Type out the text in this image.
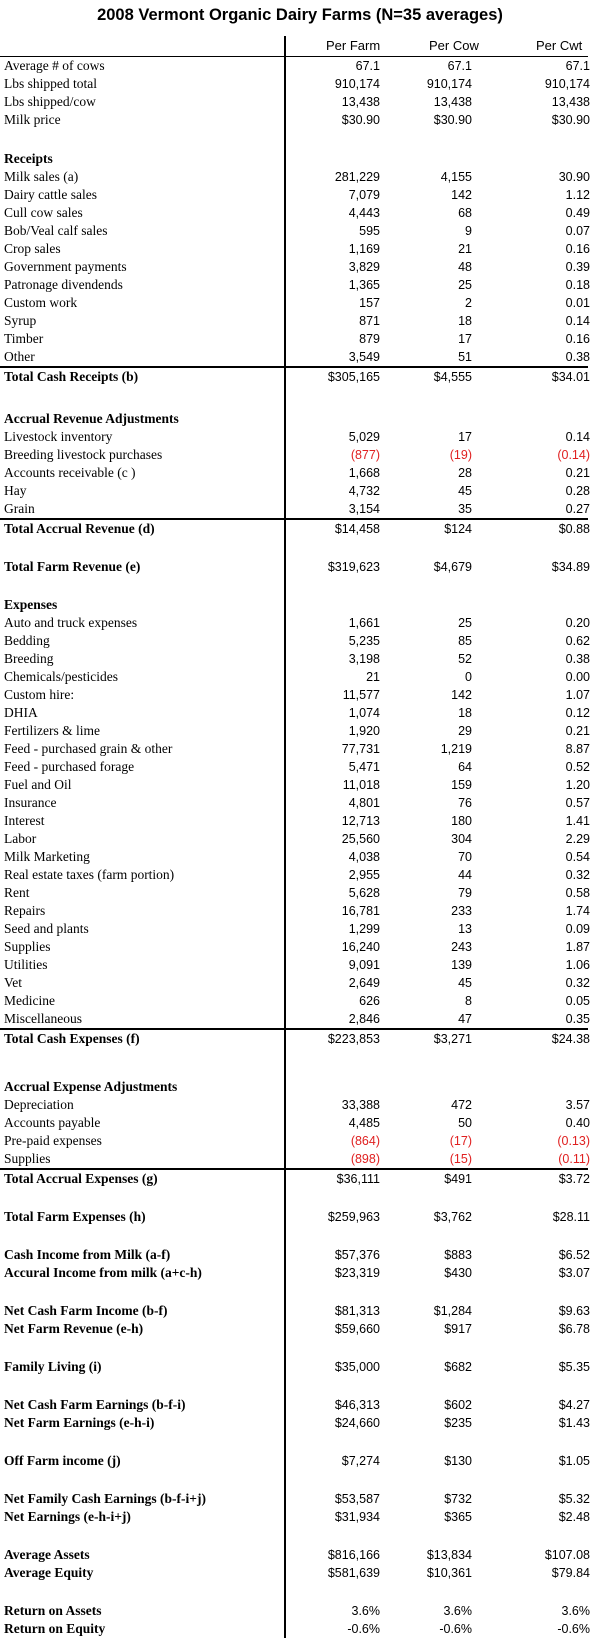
2008 Vermont Organic Dairy Farms (N=35 averages)
Per Farm	Per Cow	Per Cwt
Average # of cows	67.1	67.1	67.1
Lbs shipped total	910,174	910,174	910,174
Lbs shipped/cow	13,438	13,438	13,438
Milk price	$30.90	$30.90	$30.90
Receipts
Milk sales (a)	281,229	4,155	30.90
Dairy cattle sales	7,079	142	1.12
Cull cow sales	4,443	68	0.49
Bob/Veal calf sales	595	9	0.07
Crop sales	1,169	21	0.16
Government payments	3,829	48	0.39
Patronage divendends	1,365	25	0.18
Custom work	157	2	0.01
Syrup	871	18	0.14
Timber	879	17	0.16
Other	3,549	51	0.38
Total Cash Receipts (b)	$305,165	$4,555	$34.01
Accrual Revenue Adjustments
Livestock inventory	5,029	17	0.14
Breeding livestock purchases	(877)	(19)	(0.14)
Accounts receivable (c )	1,668	28	0.21
Hay	4,732	45	0.28
Grain	3,154	35	0.27
Total Accrual Revenue (d)	$14,458	$124	$0.88
Total Farm Revenue (e)	$319,623	$4,679	$34.89
Expenses
Auto and truck expenses	1,661	25	0.20
Bedding	5,235	85	0.62
Breeding	3,198	52	0.38
Chemicals/pesticides	21	0	0.00
Custom hire:	11,577	142	1.07
DHIA	1,074	18	0.12
Fertilizers & lime	1,920	29	0.21
Feed - purchased grain & other	77,731	1,219	8.87
Feed - purchased forage	5,471	64	0.52
Fuel and Oil	11,018	159	1.20
Insurance	4,801	76	0.57
Interest	12,713	180	1.41
Labor	25,560	304	2.29
Milk Marketing	4,038	70	0.54
Real estate taxes (farm portion)	2,955	44	0.32
Rent	5,628	79	0.58
Repairs	16,781	233	1.74
Seed and plants	1,299	13	0.09
Supplies	16,240	243	1.87
Utilities	9,091	139	1.06
Vet	2,649	45	0.32
Medicine	626	8	0.05
Miscellaneous	2,846	47	0.35
Total Cash Expenses (f)	$223,853	$3,271	$24.38
Accrual Expense Adjustments
Depreciation	33,388	472	3.57
Accounts payable	4,485	50	0.40
Pre-paid expenses	(864)	(17)	(0.13)
Supplies	(898)	(15)	(0.11)
Total Accrual Expenses (g)	$36,111	$491	$3.72
Total Farm Expenses (h)	$259,963	$3,762	$28.11
Cash Income from Milk (a-f)	$57,376	$883	$6.52
Accural Income from milk (a+c-h)	$23,319	$430	$3.07
Net Cash Farm Income (b-f)	$81,313	$1,284	$9.63
Net Farm Revenue (e-h)	$59,660	$917	$6.78
Family Living (i)	$35,000	$682	$5.35
Net Cash Farm Earnings (b-f-i)	$46,313	$602	$4.27
Net Farm Earnings (e-h-i)	$24,660	$235	$1.43
Off Farm income (j)	$7,274	$130	$1.05
Net Family Cash Earnings (b-f-i+j)	$53,587	$732	$5.32
Net Earnings (e-h-i+j)	$31,934	$365	$2.48
Average Assets	$816,166	$13,834	$107.08
Average Equity	$581,639	$10,361	$79.84
Return on Assets	3.6%	3.6%	3.6%
Return on Equity	-0.6%	-0.6%	-0.6%
